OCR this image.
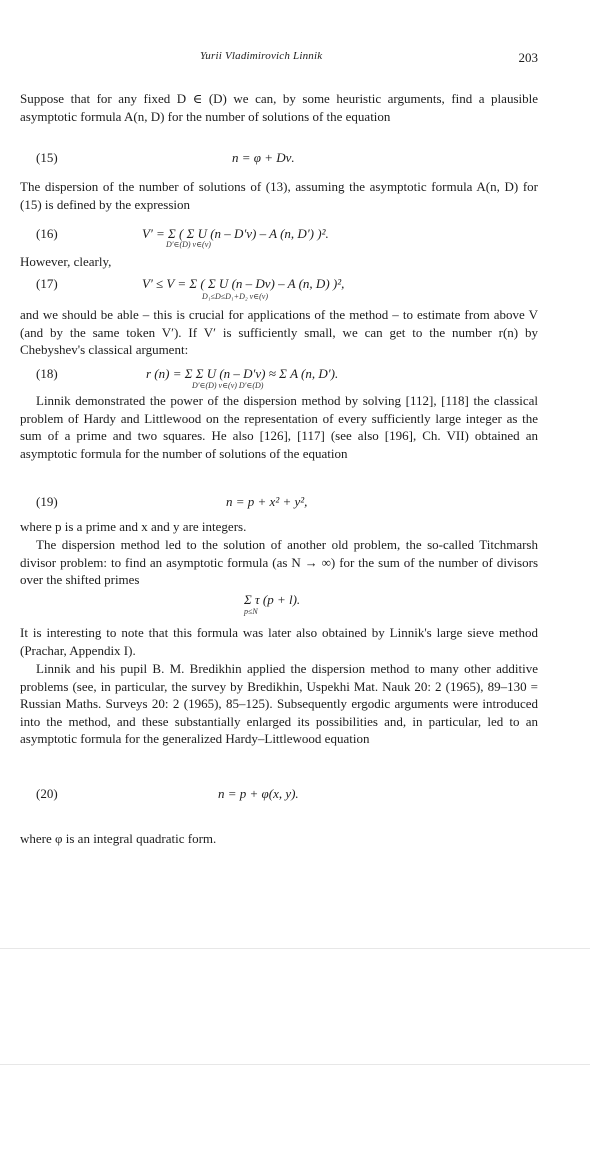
Yurii Vladimirovich Linnik	203
Suppose that for any fixed D ∈ (D) we can, by some heuristic arguments, find a plausible asymptotic formula A(n, D) for the number of solutions of the equation
(15)	n = φ + Dν.
The dispersion of the number of solutions of (13), assuming the asymptotic formula A(n, D) for (15) is defined by the expression
(16)	V′ = Σ ( Σ U (n – D′ν) – A (n, D′) )².
D′∈(D) ν∈(ν)
However, clearly,
(17)	V′ ≤ V = Σ ( Σ U (n – Dν) – A (n, D) )²,
D₁≤D≤D₁+D₂ ν∈(ν)
and we should be able – this is crucial for applications of the method – to estimate from above V (and by the same token V′). If V′ is sufficiently small, we can get to the number r(n) by Chebyshev's classical argument:
(18)	r (n) = Σ Σ U (n – D′ν) ≈ Σ A (n, D′).
D′∈(D) ν∈(ν) D′∈(D)
Linnik demonstrated the power of the dispersion method by solving [112], [118] the classical problem of Hardy and Littlewood on the representation of every sufficiently large integer as the sum of a prime and two squares. He also [126], [117] (see also [196], Ch. VII) obtained an asymptotic formula for the number of solutions of the equation
(19)	n = p + x² + y²,
where p is a prime and x and y are integers.
The dispersion method led to the solution of another old problem, the so-called Titchmarsh divisor problem: to find an asymptotic formula (as N → ∞) for the sum of the number of divisors over the shifted primes
Σ τ (p + l).
p≤N
It is interesting to note that this formula was later also obtained by Linnik's large sieve method (Prachar, Appendix I).
Linnik and his pupil B. M. Bredikhin applied the dispersion method to many other additive problems (see, in particular, the survey by Bredikhin, Uspekhi Mat. Nauk 20: 2 (1965), 89–130 = Russian Maths. Surveys 20: 2 (1965), 85–125). Subsequently ergodic arguments were introduced into the method, and these substantially enlarged its possibilities and, in particular, led to an asymptotic formula for the generalized Hardy–Littlewood equation
(20)	n = p + φ(x, y).
where φ is an integral quadratic form.
